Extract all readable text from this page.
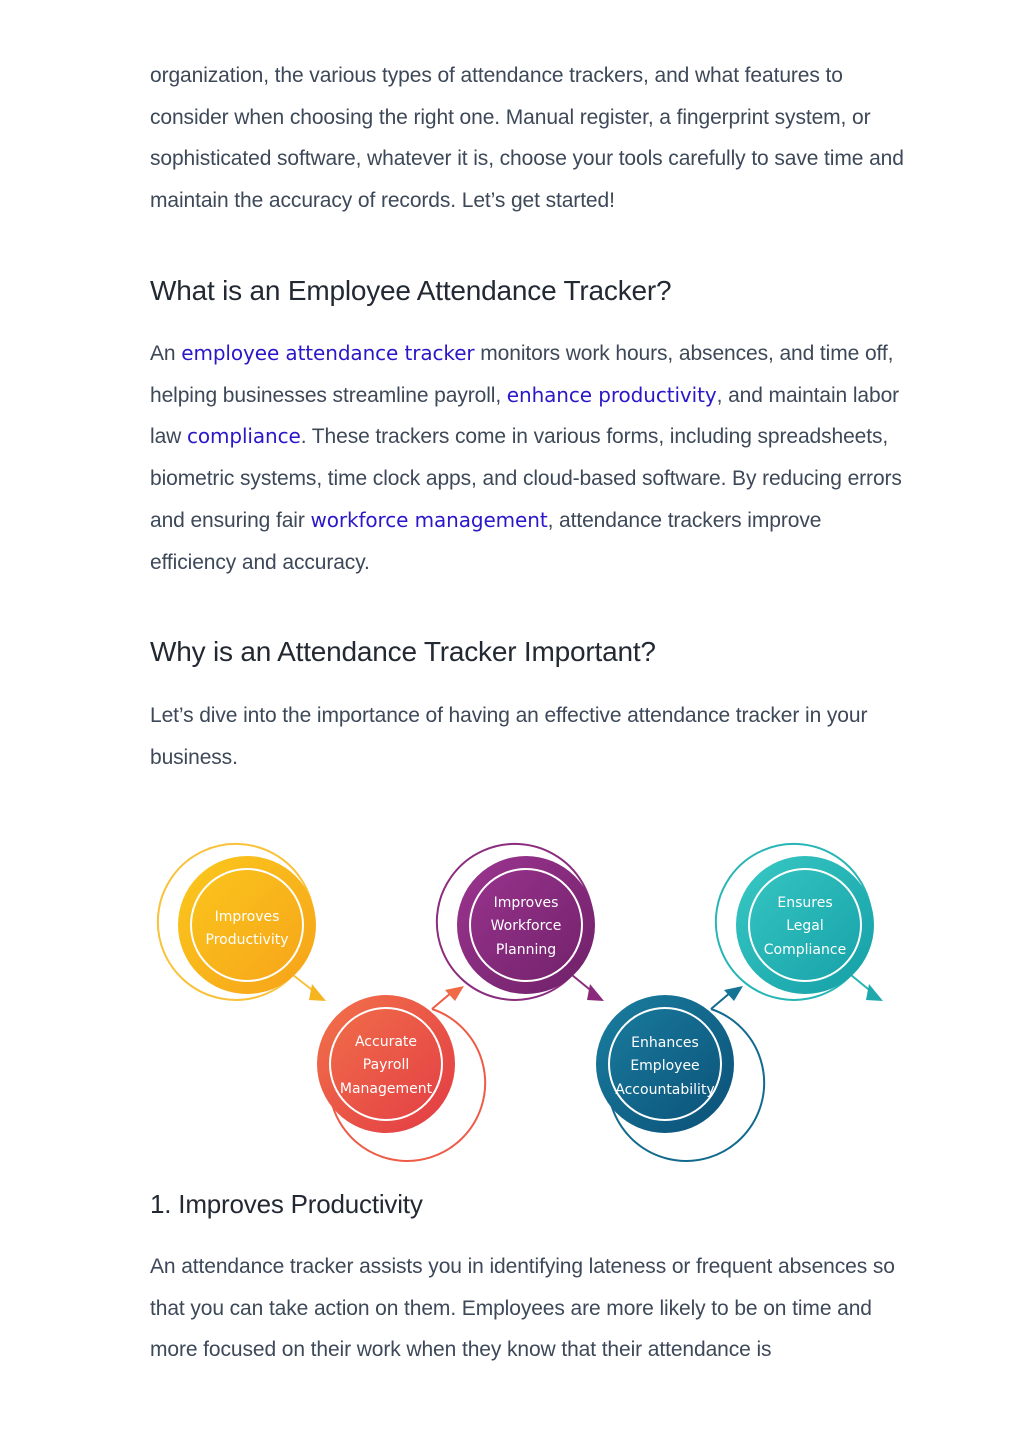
Improves
Productivity
Accurate
Payroll
Management
Improves
Workforce
Planning
Enhances
Employee
Accountability
Ensures
Legal
Compliance

organization, the various types of attendance trackers, and what features to consider when choosing the right one. Manual register, a fingerprint system, or sophisticated software, whatever it is, choose your tools carefully to save time and maintain the accuracy of records. Let’s get started!

What is an Employee Attendance Tracker?

An employee attendance tracker monitors work hours, absences, and time off, helping businesses streamline payroll, enhance productivity, and maintain labor law compliance. These trackers come in various forms, including spreadsheets, biometric systems, time clock apps, and cloud-based software. By reducing errors and ensuring fair workforce management, attendance trackers improve efficiency and accuracy.

Why is an Attendance Tracker Important?

Let’s dive into the importance of having an effective attendance tracker in your business.

1. Improves Productivity

An attendance tracker assists you in identifying lateness or frequent absences so that you can take action on them. Employees are more likely to be on time and more focused on their work when they know that their attendance is
